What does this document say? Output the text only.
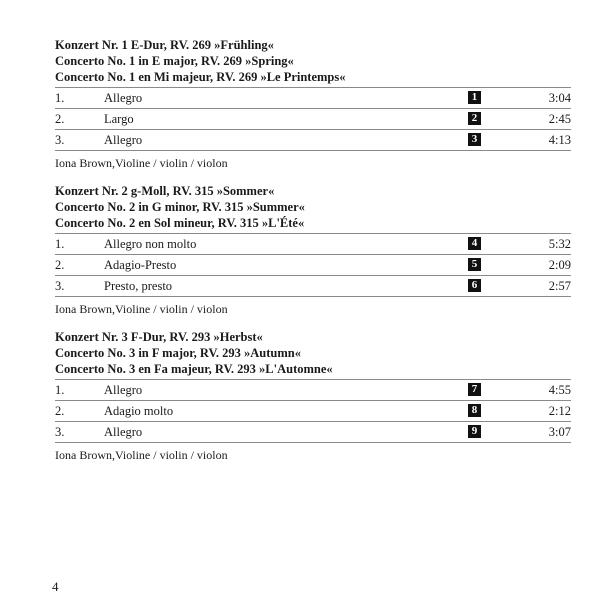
Konzert Nr. 1 E-Dur, RV. 269 »Frühling«
Concerto No. 1 in E major, RV. 269 »Spring«
Concerto No. 1 en Mi majeur, RV. 269 »Le Printemps«
1.	Allegro	1	3:04
2.	Largo	2	2:45
3.	Allegro	3	4:13
Iona Brown,Violine / violin / violon
Konzert Nr. 2 g-Moll, RV. 315 »Sommer«
Concerto No. 2 in G minor, RV. 315 »Summer«
Concerto No. 2 en Sol mineur, RV. 315 »L'Été«
1.	Allegro non molto	4	5:32
2.	Adagio-Presto	5	2:09
3.	Presto, presto	6	2:57
Iona Brown,Violine / violin / violon
Konzert Nr. 3 F-Dur, RV. 293 »Herbst«
Concerto No. 3 in F major, RV. 293 »Autumn«
Concerto No. 3 en Fa majeur, RV. 293 »L'Automne«
1.	Allegro	7	4:55
2.	Adagio molto	8	2:12
3.	Allegro	9	3:07
Iona Brown,Violine / violin / violon
4
